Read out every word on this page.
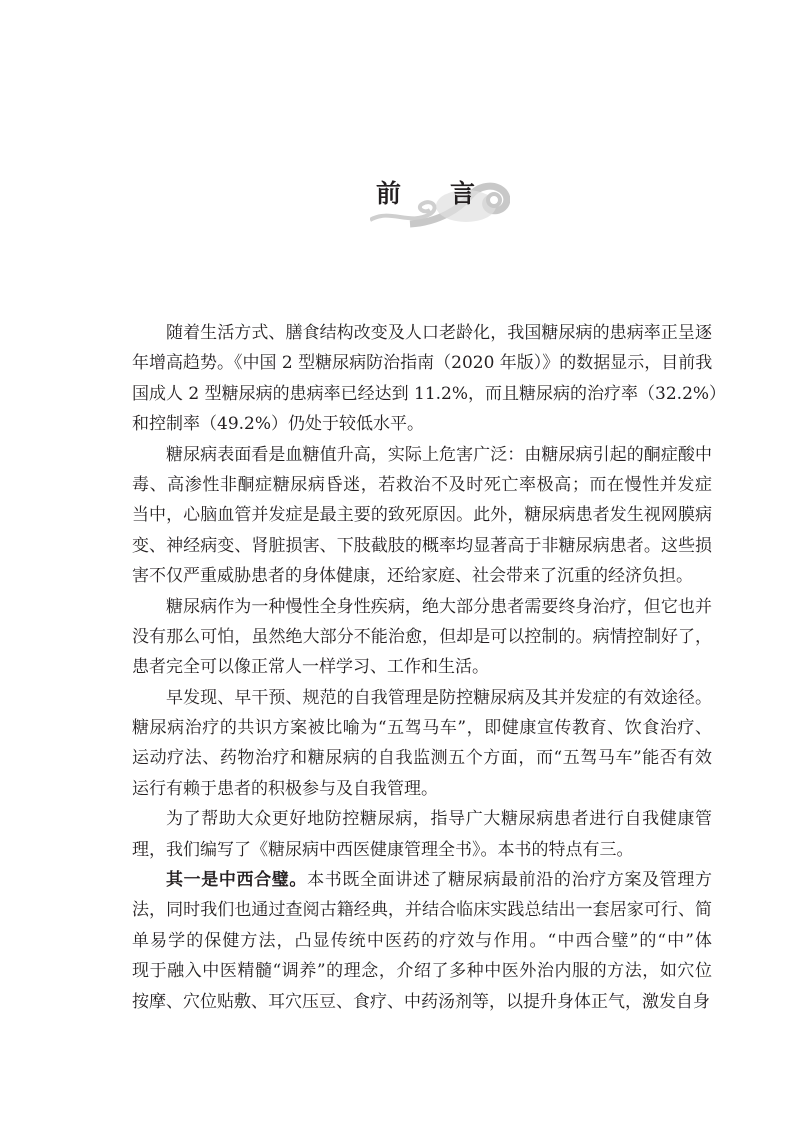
前 言
随着生活方式、膳食结构改变及人口老龄化，我国糖尿病的患病率正呈逐
年增高趋势。《中国 2 型糖尿病防治指南（2020 年版）》的数据显示，目前我
国成人 2 型糖尿病的患病率已经达到 11.2%，而且糖尿病的治疗率（32.2%）
和控制率（49.2%）仍处于较低水平。
糖尿病表面看是血糖值升高，实际上危害广泛：由糖尿病引起的酮症酸中
毒、高渗性非酮症糖尿病昏迷，若救治不及时死亡率极高；而在慢性并发症
当中，心脑血管并发症是最主要的致死原因。此外，糖尿病患者发生视网膜病
变、神经病变、肾脏损害、下肢截肢的概率均显著高于非糖尿病患者。这些损
害不仅严重威胁患者的身体健康，还给家庭、社会带来了沉重的经济负担。
糖尿病作为一种慢性全身性疾病，绝大部分患者需要终身治疗，但它也并
没有那么可怕，虽然绝大部分不能治愈，但却是可以控制的。病情控制好了，
患者完全可以像正常人一样学习、工作和生活。
早发现、早干预、规范的自我管理是防控糖尿病及其并发症的有效途径。
糖尿病治疗的共识方案被比喻为“五驾马车”，即健康宣传教育、饮食治疗、
运动疗法、药物治疗和糖尿病的自我监测五个方面，而“五驾马车”能否有效
运行有赖于患者的积极参与及自我管理。
为了帮助大众更好地防控糖尿病，指导广大糖尿病患者进行自我健康管
理，我们编写了《糖尿病中西医健康管理全书》。本书的特点有三。
其一是中西合璧。本书既全面讲述了糖尿病最前沿的治疗方案及管理方
法，同时我们也通过查阅古籍经典，并结合临床实践总结出一套居家可行、简
单易学的保健方法，凸显传统中医药的疗效与作用。“中西合璧”的“中”体
现于融入中医精髓“调养”的理念，介绍了多种中医外治内服的方法，如穴位
按摩、穴位贴敷、耳穴压豆、食疗、中药汤剂等，以提升身体正气，激发自身
